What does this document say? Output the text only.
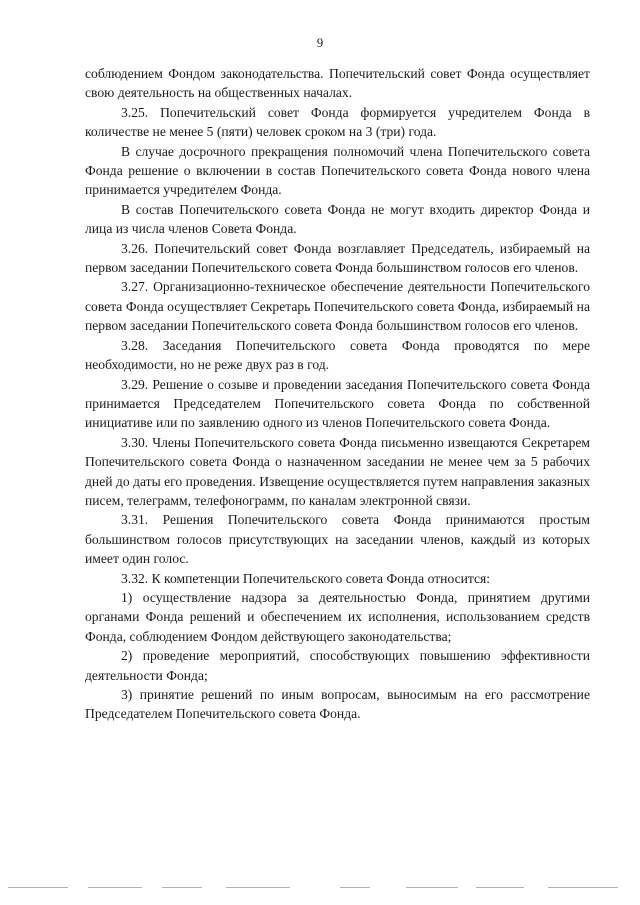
9

соблюдением Фондом законодательства. Попечительский совет Фонда осуществляет свою деятельность на общественных началах.

3.25. Попечительский совет Фонда формируется учредителем Фонда в количестве не менее 5 (пяти) человек сроком на 3 (три) года.

В случае досрочного прекращения полномочий члена Попечительского совета Фонда решение о включении в состав Попечительского совета Фонда нового члена принимается учредителем Фонда.

В состав Попечительского совета Фонда не могут входить директор Фонда и лица из числа членов Совета Фонда.

3.26. Попечительский совет Фонда возглавляет Председатель, избираемый на первом заседании Попечительского совета Фонда большинством голосов его членов.

3.27. Организационно-техническое обеспечение деятельности Попечительского совета Фонда осуществляет Секретарь Попечительского совета Фонда, избираемый на первом заседании Попечительского совета Фонда большинством голосов его членов.

3.28. Заседания Попечительского совета Фонда проводятся по мере необходимости, но не реже двух раз в год.

3.29. Решение о созыве и проведении заседания Попечительского совета Фонда принимается Председателем Попечительского совета Фонда по собственной инициативе или по заявлению одного из членов Попечительского совета Фонда.

3.30. Члены Попечительского совета Фонда письменно извещаются Секретарем Попечительского совета Фонда о назначенном заседании не менее чем за 5 рабочих дней до даты его проведения. Извещение осуществляется путем направления заказных писем, телеграмм, телефонограмм, по каналам электронной связи.

3.31. Решения Попечительского совета Фонда принимаются простым большинством голосов присутствующих на заседании членов, каждый из которых имеет один голос.

3.32. К компетенции Попечительского совета Фонда относится:

1) осуществление надзора за деятельностью Фонда, принятием другими органами Фонда решений и обеспечением их исполнения, использованием средств Фонда, соблюдением Фондом действующего законодательства;

2) проведение мероприятий, способствующих повышению эффективности деятельности Фонда;

3) принятие решений по иным вопросам, выносимым на его рассмотрение Председателем Попечительского совета Фонда.
